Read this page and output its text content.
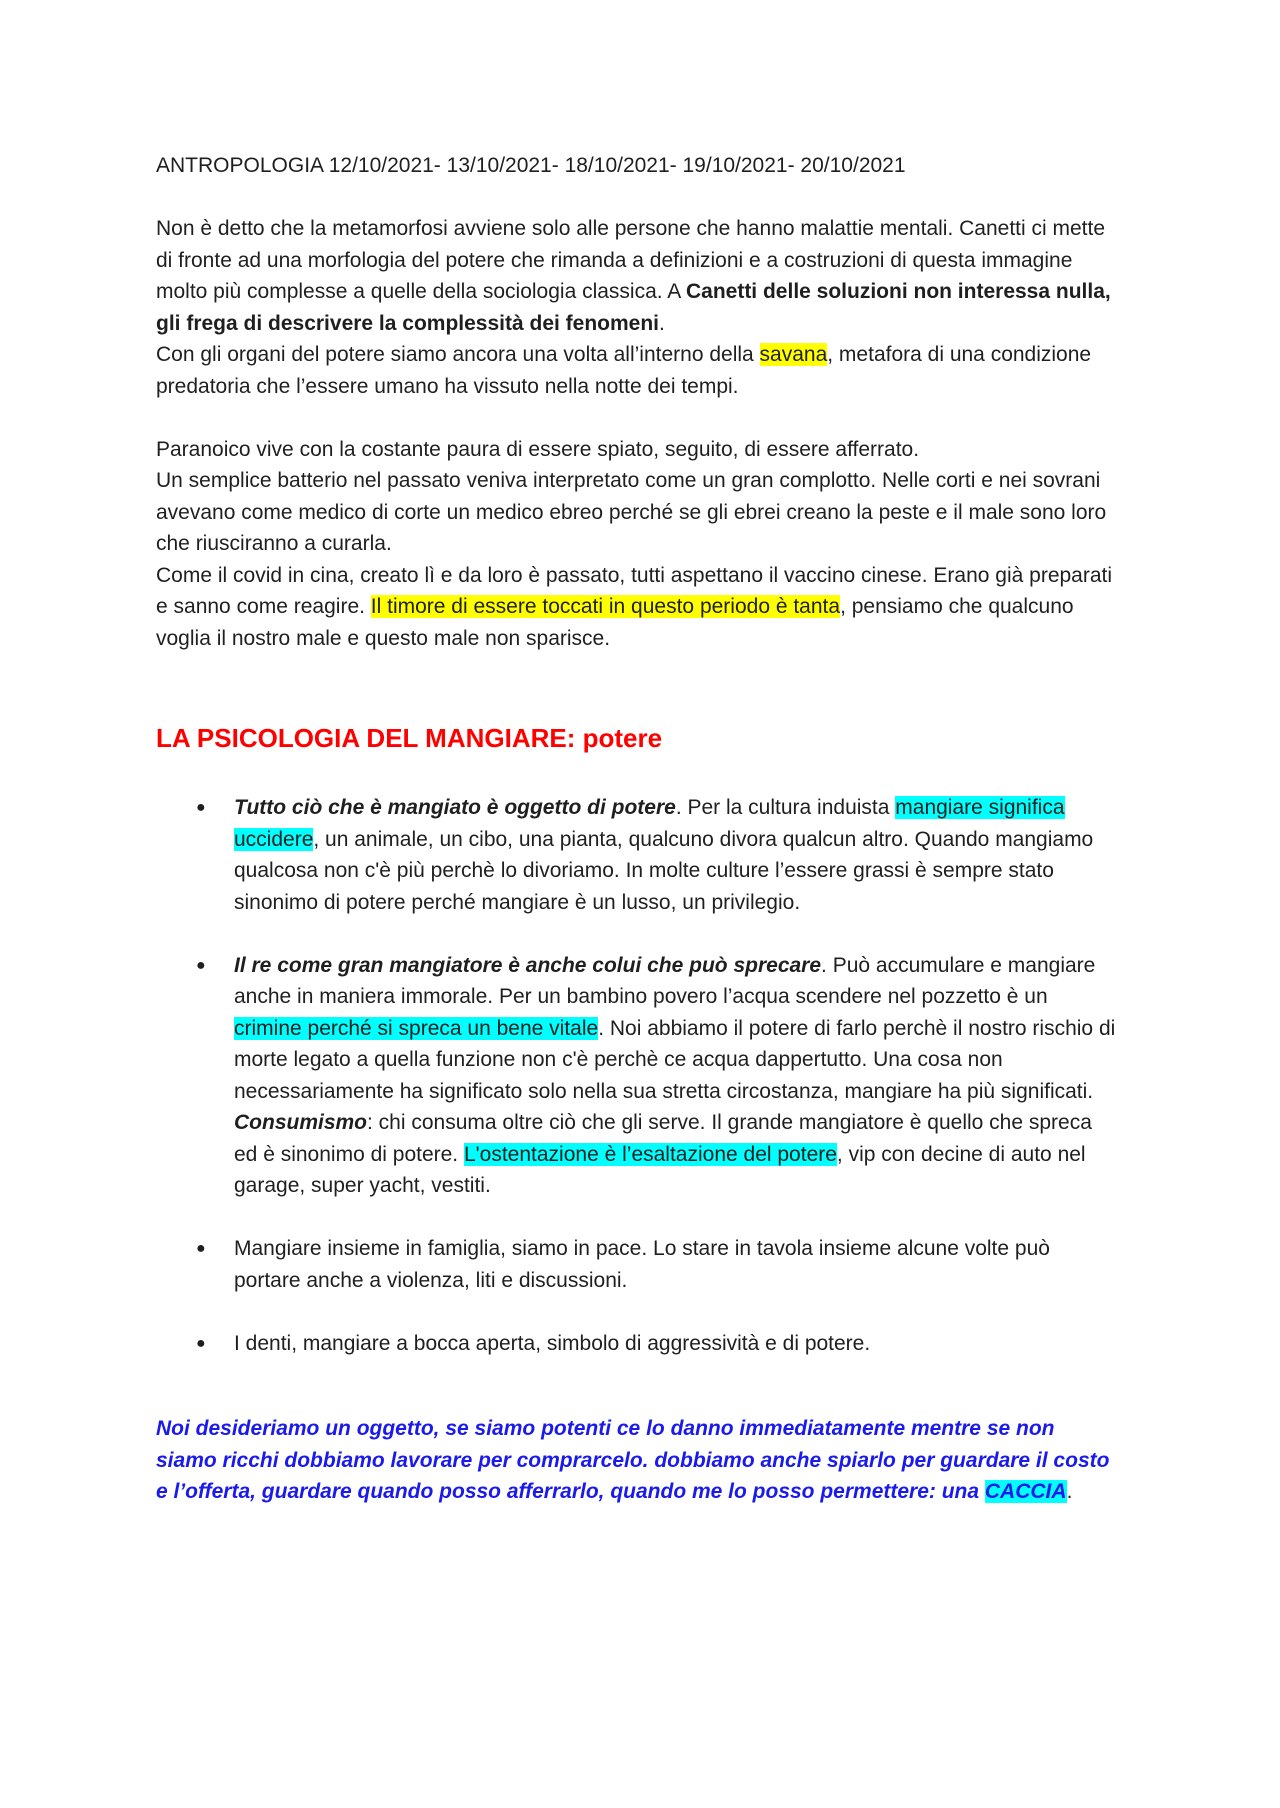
ANTROPOLOGIA 12/10/2021- 13/10/2021- 18/10/2021- 19/10/2021- 20/10/2021

Non è detto che la metamorfosi avviene solo alle persone che hanno malattie mentali. Canetti ci mette di fronte ad una morfologia del potere che rimanda a definizioni e a costruzioni di questa immagine molto più complesse a quelle della sociologia classica. A Canetti delle soluzioni non interessa nulla, gli frega di descrivere la complessità dei fenomeni.

Con gli organi del potere siamo ancora una volta all’interno della savana, metafora di una condizione predatoria che l’essere umano ha vissuto nella notte dei tempi.

Paranoico vive con la costante paura di essere spiato, seguito, di essere afferrato.

Un semplice batterio nel passato veniva interpretato come un gran complotto. Nelle corti e nei sovrani avevano come medico di corte un medico ebreo perché se gli ebrei creano la peste e il male sono loro che riusciranno a curarla.

Come il covid in cina, creato lì e da loro è passato, tutti aspettano il vaccino cinese. Erano già preparati e sanno come reagire. Il timore di essere toccati in questo periodo è tanta, pensiamo che qualcuno voglia il nostro male e questo male non sparisce.

LA PSICOLOGIA DEL MANGIARE: potere
● Tutto ciò che è mangiato è oggetto di potere. Per la cultura induista mangiare significa uccidere, un animale, un cibo, una pianta, qualcuno divora qualcun altro. Quando mangiamo qualcosa non c'è più perchè lo divoriamo. In molte culture l’essere grassi è sempre stato sinonimo di potere perché mangiare è un lusso, un privilegio.
● Il re come gran mangiatore è anche colui che può sprecare. Può accumulare e mangiare anche in maniera immorale. Per un bambino povero l’acqua scendere nel pozzetto è un crimine perché si spreca un bene vitale. Noi abbiamo il potere di farlo perchè il nostro rischio di morte legato a quella funzione non c'è perchè ce acqua dappertutto. Una cosa non necessariamente ha significato solo nella sua stretta circostanza, mangiare ha più significati. Consumismo: chi consuma oltre ciò che gli serve. Il grande mangiatore è quello che spreca ed è sinonimo di potere. L'ostentazione è l’esaltazione del potere, vip con decine di auto nel garage, super yacht, vestiti.
● Mangiare insieme in famiglia, siamo in pace. Lo stare in tavola insieme alcune volte può portare anche a violenza, liti e discussioni.
● I denti, mangiare a bocca aperta, simbolo di aggressività e di potere.

Noi desideriamo un oggetto, se siamo potenti ce lo danno immediatamente mentre se non siamo ricchi dobbiamo lavorare per comprarcelo. dobbiamo anche spiarlo per guardare il costo e l’offerta, guardare quando posso afferrarlo, quando me lo posso permettere: una CACCIA.
